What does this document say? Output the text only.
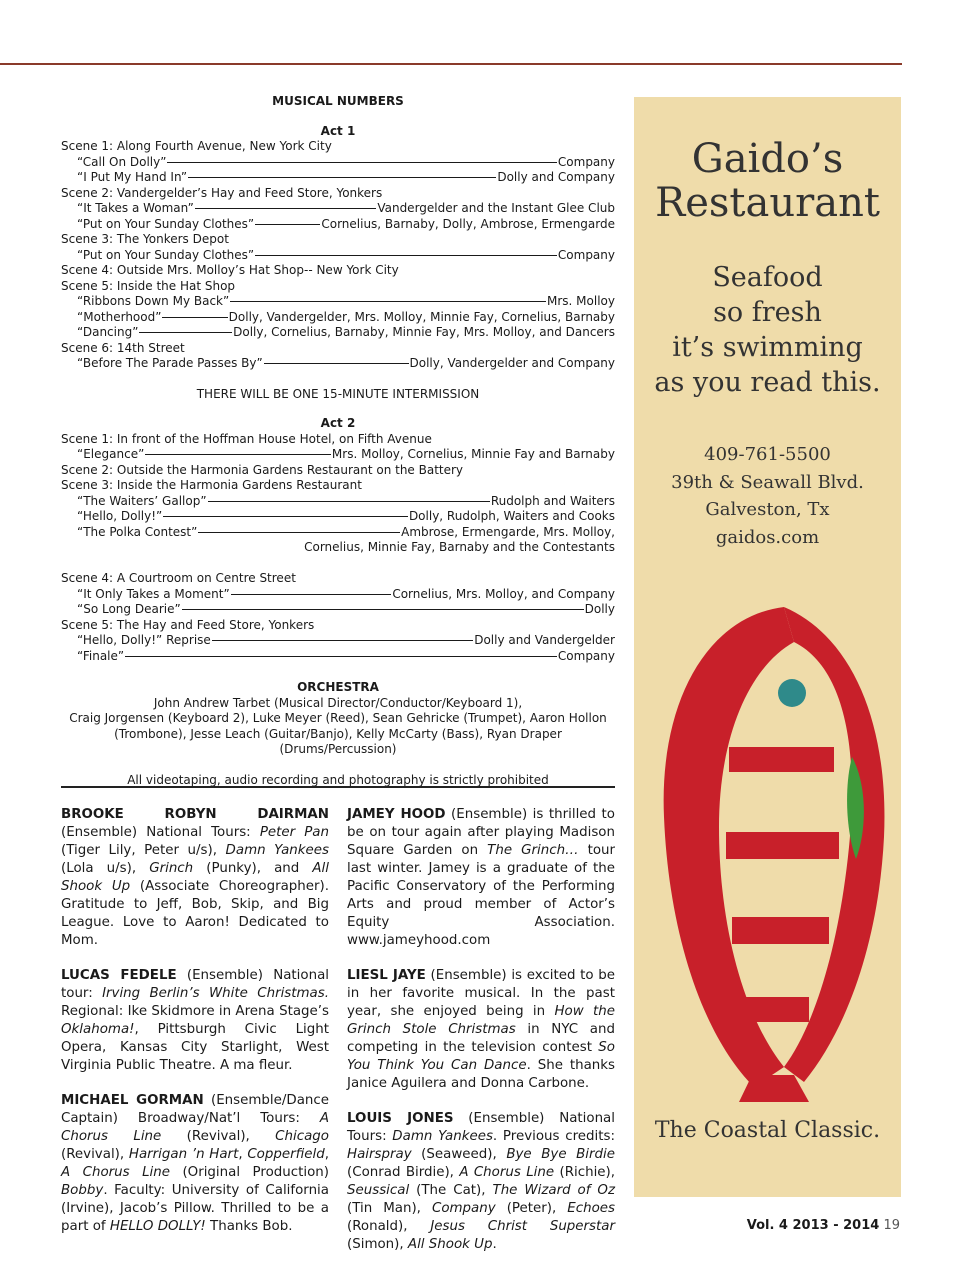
MUSICAL NUMBERS
Act 1
Scene 1: Along Fourth Avenue, New York City
“Call On Dolly”	Company
“I Put My Hand In”	Dolly and Company
Scene 2: Vandergelder’s Hay and Feed Store, Yonkers
“It Takes a Woman”	Vandergelder and the Instant Glee Club
“Put on Your Sunday Clothes”	Cornelius, Barnaby, Dolly, Ambrose, Ermengarde
Scene 3: The Yonkers Depot
“Put on Your Sunday Clothes”	Company
Scene 4: Outside Mrs. Molloy’s Hat Shop-- New York City
Scene 5: Inside the Hat Shop
“Ribbons Down My Back”	Mrs. Molloy
“Motherhood”	Dolly, Vandergelder, Mrs. Molloy, Minnie Fay, Cornelius, Barnaby
“Dancing”	Dolly, Cornelius, Barnaby, Minnie Fay, Mrs. Molloy, and Dancers
Scene 6: 14th Street
“Before The Parade Passes By”	Dolly, Vandergelder and Company
THERE WILL BE ONE 15-MINUTE INTERMISSION
Act 2
Scene 1: In front of the Hoffman House Hotel, on Fifth Avenue
“Elegance”	Mrs. Molloy, Cornelius, Minnie Fay and Barnaby
Scene 2: Outside the Harmonia Gardens Restaurant on the Battery
Scene 3: Inside the Harmonia Gardens Restaurant
“The Waiters’ Gallop”	Rudolph and Waiters
“Hello, Dolly!”	Dolly, Rudolph, Waiters and Cooks
“The Polka Contest”	Ambrose, Ermengarde, Mrs. Molloy,
Cornelius, Minnie Fay, Barnaby and the Contestants
Scene 4: A Courtroom on Centre Street
“It Only Takes a Moment”	Cornelius, Mrs. Molloy, and Company
“So Long Dearie”	Dolly
Scene 5: The Hay and Feed Store, Yonkers
“Hello, Dolly!” Reprise	Dolly and Vandergelder
“Finale”	Company
ORCHESTRA
John Andrew Tarbet (Musical Director/Conductor/Keyboard 1),
Craig Jorgensen (Keyboard 2), Luke Meyer (Reed), Sean Gehricke (Trumpet), Aaron Hollon
(Trombone), Jesse Leach (Guitar/Banjo), Kelly McCarty (Bass), Ryan Draper (Drums/Percussion)
All videotaping, audio recording and photography is strictly prohibited

BROOKE ROBYN DAIRMAN (Ensemble) National Tours: Peter Pan (Tiger Lily, Peter u/s), Damn Yankees (Lola u/s), Grinch (Punky), and All Shook Up (Associate Choreographer). Gratitude to Jeff, Bob, Skip, and Big League. Love to Aaron! Dedicated to Mom.

LUCAS FEDELE (Ensemble) National tour: Irving Berlin’s White Christmas. Regional: Ike Skidmore in Arena Stage’s Oklahoma!, Pittsburgh Civic Light Opera, Kansas City Starlight, West Virginia Public Theatre. A ma fleur.

MICHAEL GORMAN (Ensemble/Dance Captain) Broadway/Nat’l Tours: A Chorus Line (Revival), Chicago (Revival), Harrigan ’n Hart, Copperfield, A Chorus Line (Original Production) Bobby. Faculty: University of California (Irvine), Jacob’s Pillow. Thrilled to be a part of HELLO DOLLY! Thanks Bob.

JAMEY HOOD (Ensemble) is thrilled to be on tour again after playing Madison Square Garden on The Grinch… tour last winter. Jamey is a graduate of the Pacific Conservatory of the Performing Arts and proud member of Actor’s Equity Association. www.jameyhood.com

LIESL JAYE (Ensemble) is excited to be in her favorite musical. In the past year, she enjoyed being in How the Grinch Stole Christmas in NYC and competing in the television contest So You Think You Can Dance. She thanks Janice Aguilera and Donna Carbone.

LOUIS JONES (Ensemble) National Tours: Damn Yankees. Previous credits: Hairspray (Seaweed), Bye Bye Birdie (Conrad Birdie), A Chorus Line (Richie), Seussical (The Cat), The Wizard of Oz (Tin Man), Company (Peter), Echoes (Ronald), Jesus Christ Superstar (Simon), All Shook Up.

Gaido’s
Restaurant
Seafood
so fresh
it’s swimming
as you read this.
409-761-5500
39th & Seawall Blvd.
Galveston, Tx
gaidos.com
Gaido’s
The Coastal Classic.
Vol. 4 2013 - 2014 19
